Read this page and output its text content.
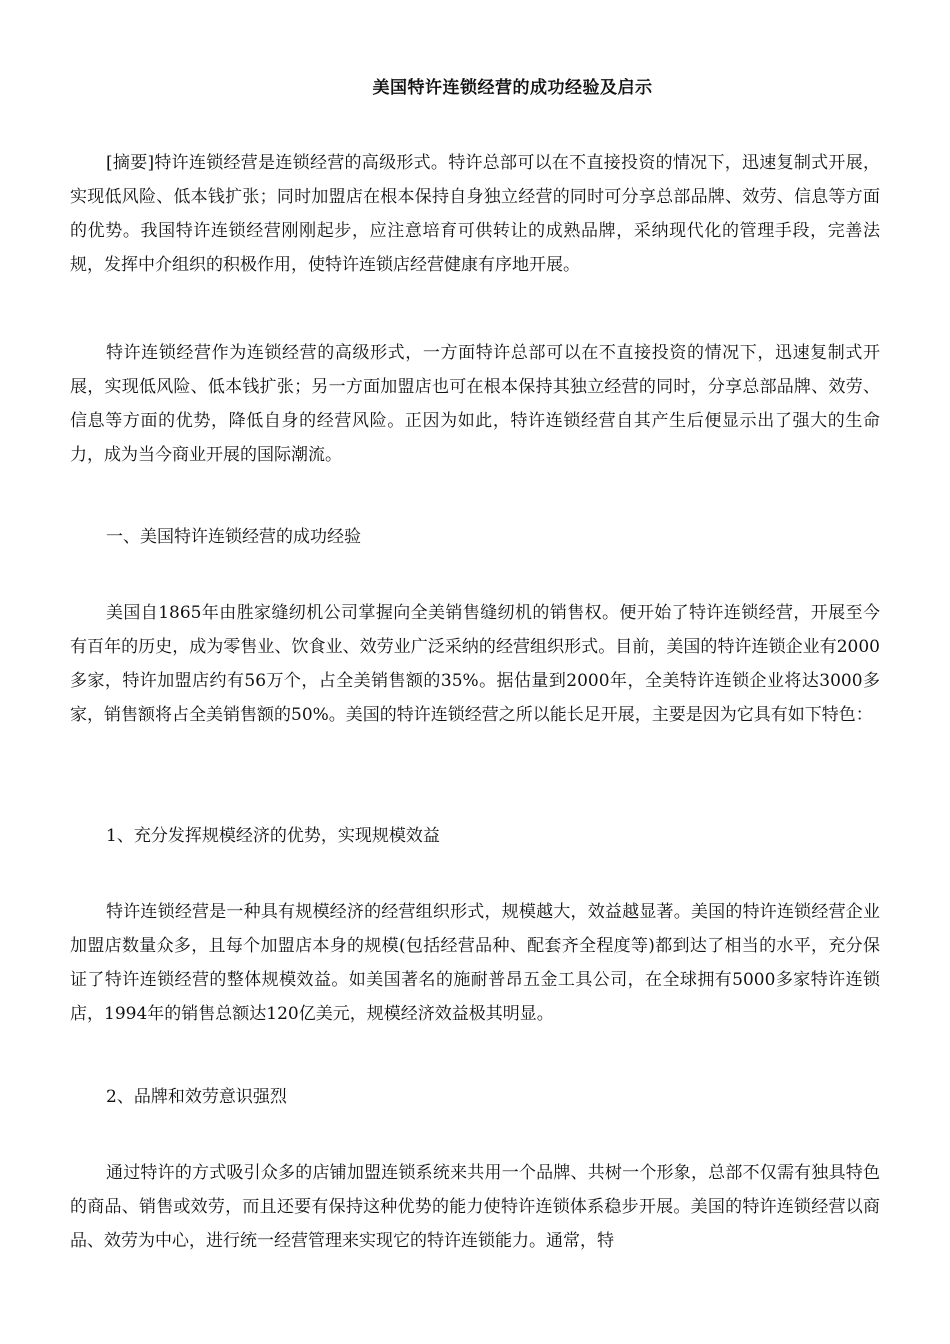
美国特许连锁经营的成功经验及启示

[摘要]特许连锁经营是连锁经营的高级形式。特许总部可以在不直接投资的情况下，迅速复制式开展，实现低风险、低本钱扩张；同时加盟店在根本保持自身独立经营的同时可分享总部品牌、效劳、信息等方面的优势。我国特许连锁经营刚刚起步，应注意培育可供转让的成熟品牌，采纳现代化的管理手段，完善法规，发挥中介组织的积极作用，使特许连锁店经营健康有序地开展。

特许连锁经营作为连锁经营的高级形式，一方面特许总部可以在不直接投资的情况下，迅速复制式开展，实现低风险、低本钱扩张；另一方面加盟店也可在根本保持其独立经营的同时，分享总部品牌、效劳、信息等方面的优势，降低自身的经营风险。正因为如此，特许连锁经营自其产生后便显示出了强大的生命力，成为当今商业开展的国际潮流。

一、美国特许连锁经营的成功经验

美国自1865年由胜家缝纫机公司掌握向全美销售缝纫机的销售权。便开始了特许连锁经营，开展至今有百年的历史，成为零售业、饮食业、效劳业广泛采纳的经营组织形式。目前，美国的特许连锁企业有2000多家，特许加盟店约有56万个，占全美销售额的35%。据估量到2000年，全美特许连锁企业将达3000多家，销售额将占全美销售额的50%。美国的特许连锁经营之所以能长足开展，主要是因为它具有如下特色：

1、充分发挥规模经济的优势，实现规模效益

特许连锁经营是一种具有规模经济的经营组织形式，规模越大，效益越显著。美国的特许连锁经营企业加盟店数量众多，且每个加盟店本身的规模(包括经营品种、配套齐全程度等)都到达了相当的水平，充分保证了特许连锁经营的整体规模效益。如美国著名的施耐普昂五金工具公司，在全球拥有5000多家特许连锁店，1994年的销售总额达120亿美元，规模经济效益极其明显。

2、品牌和效劳意识强烈

通过特许的方式吸引众多的店铺加盟连锁系统来共用一个品牌、共树一个形象，总部不仅需有独具特色的商品、销售或效劳，而且还要有保持这种优势的能力使特许连锁体系稳步开展。美国的特许连锁经营以商品、效劳为中心，进行统一经营管理来实现它的特许连锁能力。通常，特
